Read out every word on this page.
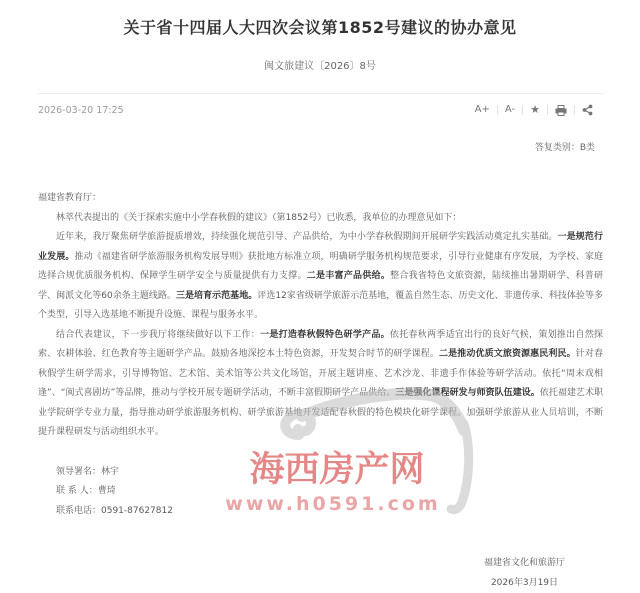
关于省十四届人大四次会议第1852号建议的协办意见
闽文旅建议〔2026〕8号
2026-03-20 17:25	A+	A-	★
答复类别：B类

福建省教育厅：

林萃代表提出的《关于探索实施中小学春秋假的建议》（第1852号）已收悉，我单位的办理意见如下：

近年来，我厅聚焦研学旅游提质增效，持续强化规范引导、产品供给，为中小学春秋假期间开展研学实践活动奠定扎实基础。一是规范行业发展。推动《福建省研学旅游服务机构发展导则》获批地方标准立项，明确研学服务机构规范要求，引导行业健康有序发展，为学校、家庭选择合规优质服务机构、保障学生研学安全与质量提供有力支撑。二是丰富产品供给。整合我省特色文旅资源，陆续推出暑期研学、科普研学、闽派文化等60余条主题线路。三是培育示范基地。评选12家省级研学旅游示范基地，覆盖自然生态、历史文化、非遗传承、科技体验等多个类型，引导入选基地不断提升设施、课程与服务水平。

结合代表建议，下一步我厅将继续做好以下工作：一是打造春秋假特色研学产品。依托春秋两季适宜出行的良好气候，策划推出自然探索、农耕体验、红色教育等主题研学产品。鼓励各地深挖本土特色资源，开发契合时节的研学课程。二是推动优质文旅资源惠民利民。针对春秋假学生研学需求，引导博物馆、艺术馆、美术馆等公共文化场馆，开展主题讲座、艺术沙龙、非遗手作体验等研学活动。依托“周末戏相逢”、“闽式喜剧坊”等品牌，推动与学校开展专题研学活动，不断丰富假期研学产品供给。三是强化课程研发与师资队伍建设。依托福建艺术职业学院研学专业力量，指导推动研学旅游服务机构、研学旅游基地开发适配春秋假的特色模块化研学课程。加强研学旅游从业人员培训，不断提升课程研发与活动组织水平。

领导署名：林宇
联 系 人：曹琦
联系电话：0591-87627812
福建省文化和旅游厅
2026年3月19日
海西房产网
www.h0591.com
